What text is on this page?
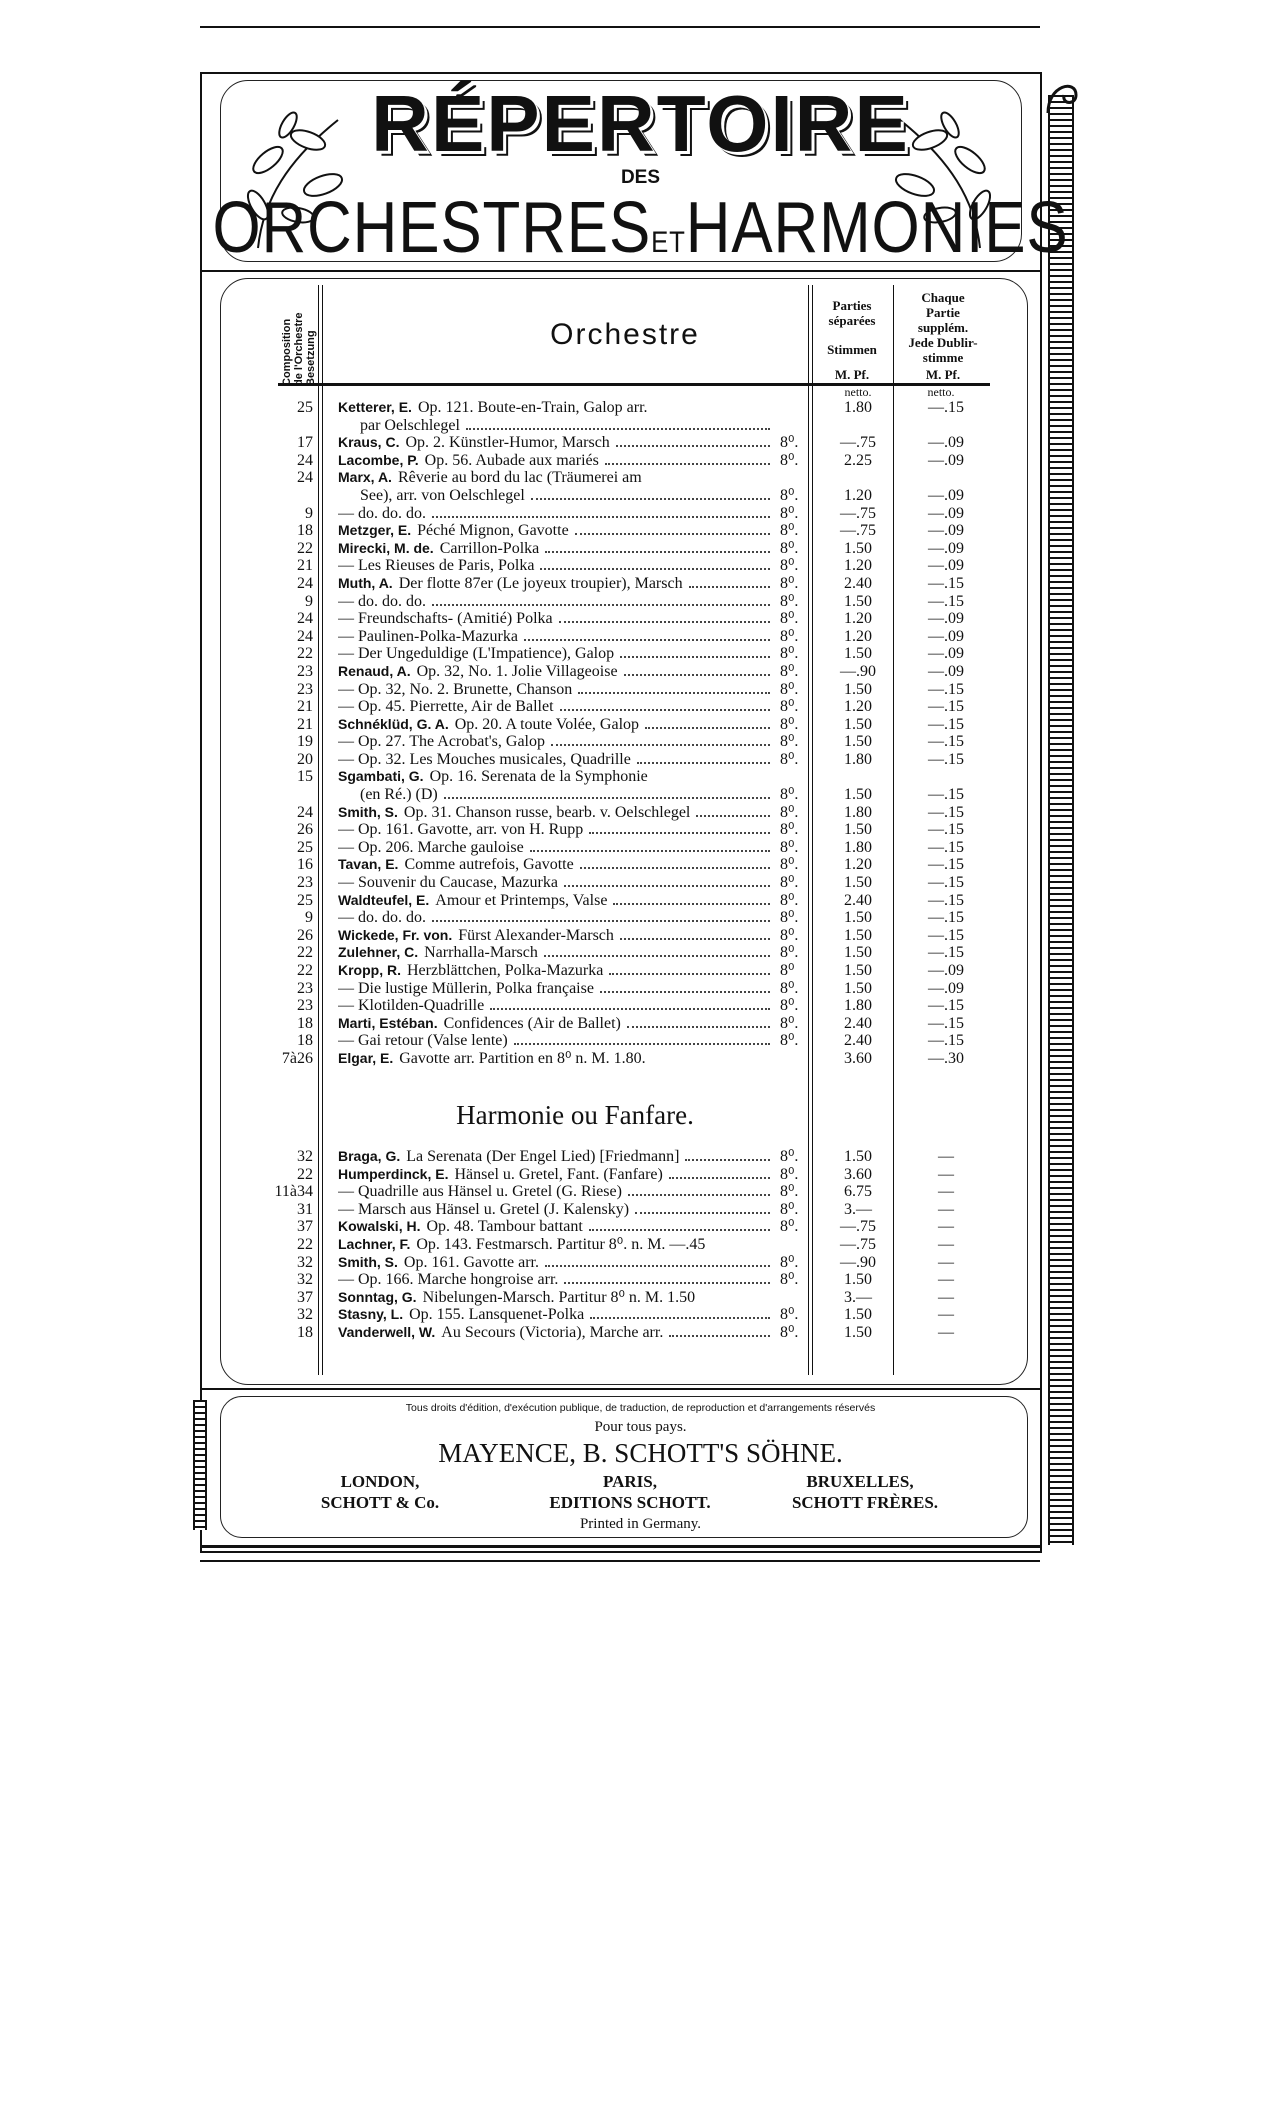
RÉPERTOIRE
DES
ORCHESTRESETHARMONIES
Composition de l'Orchestre Besetzung	Orchestre
Parties
séparées
Stimmen
M. Pf.
Chaque
Partie
supplém.
Jede Dublir-
stimme
M. Pf.
netto.	netto.
25 Ketterer, E. Op. 121. Boute-en-Train, Galop arr.	1.80	—.15
par Oelschlegel
17 Kraus, C. Op. 2. Künstler-Humor, Marsch	8⁰.	—.75	—.09
24 Lacombe, P. Op. 56. Aubade aux mariés	8⁰.	2.25	—.09
24 Marx, A. Rêverie au bord du lac (Träumerei am
See), arr. von Oelschlegel	8⁰.	1.20	—.09
9 — do. do. do.	8⁰.	—.75	—.09
18 Metzger, E. Péché Mignon, Gavotte	8⁰.	—.75	—.09
22 Mirecki, M. de. Carrillon-Polka	8⁰.	1.50	—.09
21 — Les Rieuses de Paris, Polka	8⁰.	1.20	—.09
24 Muth, A. Der flotte 87er (Le joyeux troupier), Marsch	8⁰.	2.40	—.15
9 — do. do. do.	8⁰.	1.50	—.15
24 — Freundschafts- (Amitié) Polka	8⁰.	1.20	—.09
24 — Paulinen-Polka-Mazurka	8⁰.	1.20	—.09
22 — Der Ungeduldige (L'Impatience), Galop	8⁰.	1.50	—.09
23 Renaud, A. Op. 32, No. 1. Jolie Villageoise	8⁰.	—.90	—.09
23 — Op. 32, No. 2. Brunette, Chanson	8⁰.	1.50	—.15
21 — Op. 45. Pierrette, Air de Ballet	8⁰.	1.20	—.15
21 Schnéklüd, G. A. Op. 20. A toute Volée, Galop	8⁰.	1.50	—.15
19 — Op. 27. The Acrobat's, Galop	8⁰.	1.50	—.15
20 — Op. 32. Les Mouches musicales, Quadrille	8⁰.	1.80	—.15
15 Sgambati, G. Op. 16. Serenata de la Symphonie
(en Ré.) (D)	8⁰.	1.50	—.15
24 Smith, S. Op. 31. Chanson russe, bearb. v. Oelschlegel	8⁰.	1.80	—.15
26 — Op. 161. Gavotte, arr. von H. Rupp	8⁰.	1.50	—.15
25 — Op. 206. Marche gauloise	8⁰.	1.80	—.15
16 Tavan, E. Comme autrefois, Gavotte	8⁰.	1.20	—.15
23 — Souvenir du Caucase, Mazurka	8⁰.	1.50	—.15
25 Waldteufel, E. Amour et Printemps, Valse	8⁰.	2.40	—.15
9 — do. do. do.	8⁰.	1.50	—.15
26 Wickede, Fr. von. Fürst Alexander-Marsch	8⁰.	1.50	—.15
22 Zulehner, C. Narrhalla-Marsch	8⁰.	1.50	—.15
22 Kropp, R. Herzblättchen, Polka-Mazurka	8⁰	1.50	—.09
23 — Die lustige Müllerin, Polka française	8⁰.	1.50	—.09
23 — Klotilden-Quadrille	8⁰.	1.80	—.15
18 Marti, Estéban. Confidences (Air de Ballet)	8⁰.	2.40	—.15
18 — Gai retour (Valse lente)	8⁰.	2.40	—.15
7à26 Elgar, E. Gavotte arr. Partition en 8⁰ n. M. 1.80.	3.60	—.30
Harmonie ou Fanfare.
32 Braga, G. La Serenata (Der Engel Lied) [Friedmann]	8⁰.	1.50	—
22 Humperdinck, E. Hänsel u. Gretel, Fant. (Fanfare)	8⁰.	3.60	—
11à34 — Quadrille aus Hänsel u. Gretel (G. Riese)	8⁰.	6.75	—
31 — Marsch aus Hänsel u. Gretel (J. Kalensky)	8⁰.	3.—	—
37 Kowalski, H. Op. 48. Tambour battant	8⁰.	—.75	—
22 Lachner, F. Op. 143. Festmarsch. Partitur 8⁰. n. M. —.45	—.75	—
32 Smith, S. Op. 161. Gavotte arr.	8⁰.	—.90	—
32 — Op. 166. Marche hongroise arr.	8⁰.	1.50	—
37 Sonntag, G. Nibelungen-Marsch. Partitur 8⁰ n. M. 1.50	3.—	—
32 Stasny, L. Op. 155. Lansquenet-Polka	8⁰.	1.50	—
18 Vanderwell, W. Au Secours (Victoria), Marche arr.	8⁰.	1.50	—
Tous droits d'édition, d'exécution publique, de traduction, de reproduction et d'arrangements réservés
Pour tous pays.
MAYENCE, B. SCHOTT'S SÖHNE.
LONDON,	PARIS,	BRUXELLES,
SCHOTT & Co.	EDITIONS SCHOTT.	SCHOTT FRÈRES.
Printed in Germany.
